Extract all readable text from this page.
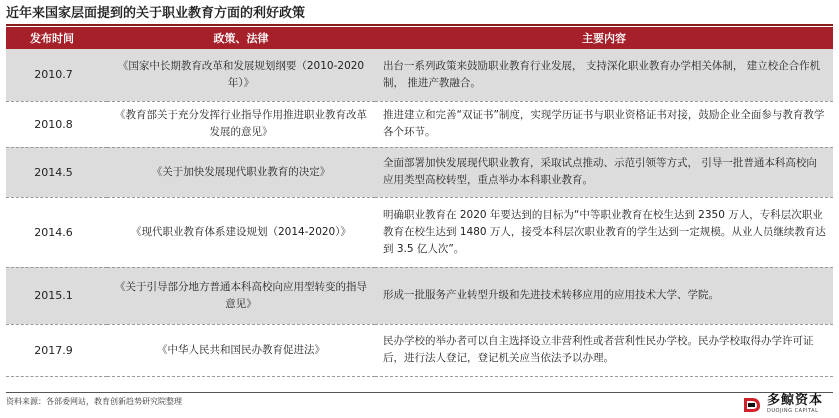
近年来国家层面提到的关于职业教育方面的利好政策
发布时间	政策、法律	主要内容
2010.7	《国家中长期教育改革和发展规划纲要（2010-2020年）》	出台一系列政策来鼓励职业教育行业发展， 支持深化职业教育办学相关体制， 建立校企合作机制， 推进产教融合。
2010.8	《教育部关于充分发挥行业指导作用推进职业教育改革发展的意见》	推进建立和完善“双证书”制度，实现学历证书与职业资格证书对接，鼓励企业全面参与教育教学各个环节。
2014.5	《关于加快发展现代职业教育的决定》	全面部署加快发展现代职业教育，采取试点推动、示范引领等方式， 引导一批普通本科高校向应用类型高校转型，重点举办本科职业教育。
2014.6	《现代职业教育体系建设规划（2014-2020）》	明确职业教育在 2020 年要达到的目标为“中等职业教育在校生达到 2350 万人，专科层次职业教育在校生达到 1480 万人，接受本科层次职业教育的学生达到一定规模。从业人员继续教育达到 3.5 亿人次”。
2015.1	《关于引导部分地方普通本科高校向应用型转变的指导意见》	形成一批服务产业转型升级和先进技术转移应用的应用技术大学、学院。
2017.9	《中华人民共和国民办教育促进法》	民办学校的举办者可以自主选择设立非营利性或者营利性民办学校。民办学校取得办学许可证后，进行法人登记，登记机关应当依法予以办理。
资料来源：各部委网站，教育创新趋势研究院整理	多鲸资本
DUOJING CAPITAL
